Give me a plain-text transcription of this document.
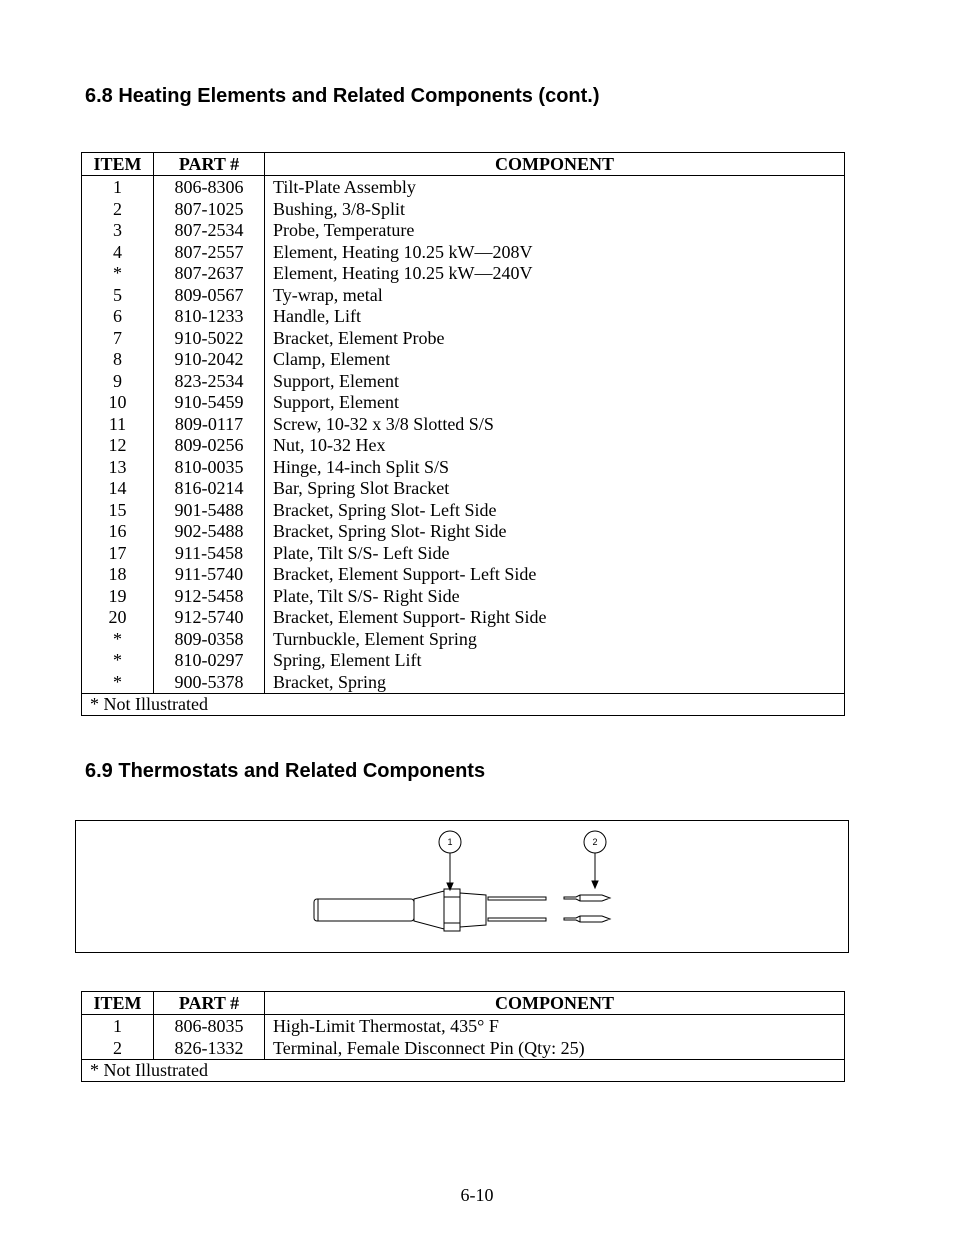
6.8 Heating Elements and Related Components (cont.)
ITEM	PART #	COMPONENT
1	806-8306	Tilt-Plate Assembly
2	807-1025	Bushing, 3/8-Split
3	807-2534	Probe, Temperature
4	807-2557	Element, Heating 10.25 kW—208V
*	807-2637	Element, Heating 10.25 kW—240V
5	809-0567	Ty-wrap, metal
6	810-1233	Handle, Lift
7	910-5022	Bracket, Element Probe
8	910-2042	Clamp, Element
9	823-2534	Support, Element
10	910-5459	Support, Element
11	809-0117	Screw, 10-32 x 3/8 Slotted S/S
12	809-0256	Nut, 10-32 Hex
13	810-0035	Hinge, 14-inch Split S/S
14	816-0214	Bar, Spring Slot Bracket
15	901-5488	Bracket, Spring Slot- Left Side
16	902-5488	Bracket, Spring Slot- Right Side
17	911-5458	Plate, Tilt S/S- Left Side
18	911-5740	Bracket, Element Support- Left Side
19	912-5458	Plate, Tilt S/S- Right Side
20	912-5740	Bracket, Element Support- Right Side
*	809-0358	Turnbuckle, Element Spring
*	810-0297	Spring, Element Lift
*	900-5378	Bracket, Spring
* Not Illustrated		
6.9 Thermostats and Related Components
1	2
ITEM	PART #	COMPONENT
1	806-8035	High-Limit Thermostat, 435° F
2	826-1332	Terminal, Female Disconnect Pin (Qty: 25)
* Not Illustrated		
6-10
